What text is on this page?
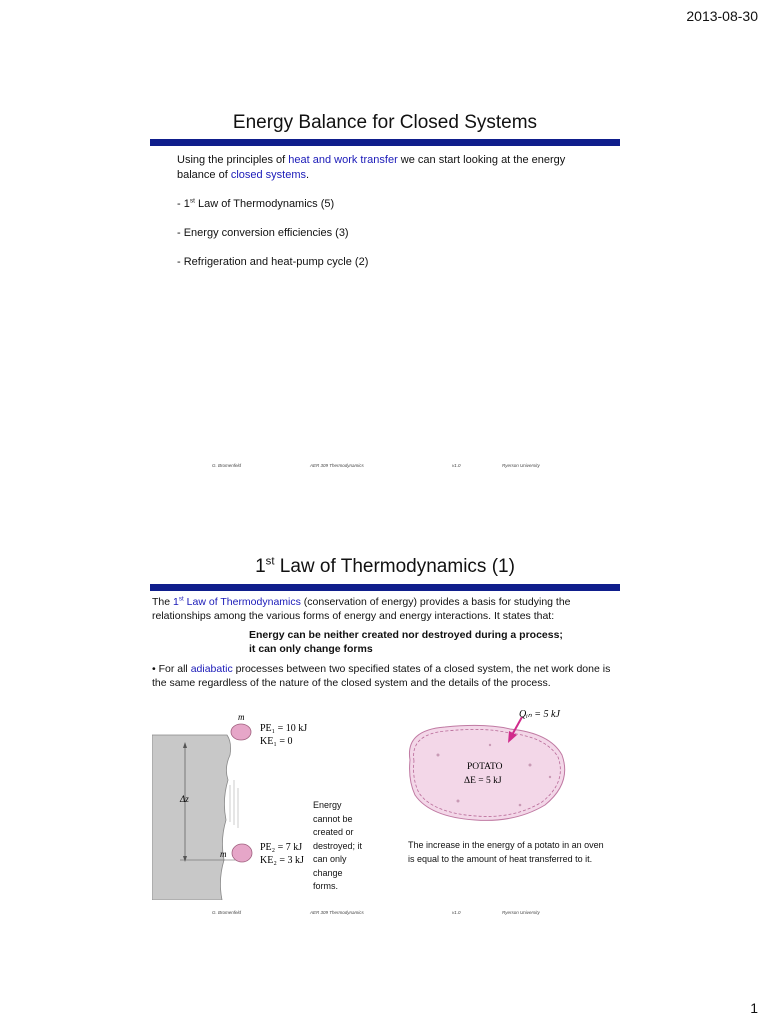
2013-08-30
1
Energy Balance for Closed Systems
Using the principles of heat and work transfer we can start looking at the energy balance of closed systems.
- 1st Law of Thermodynamics (5)
- Energy conversion efficiencies (3)
- Refrigeration and heat-pump cycle (2)
G. Bromenfeld	AER 309 Thermodynamics	v1.0	Ryerson University
1st Law of Thermodynamics (1)
The 1st Law of Thermodynamics (conservation of energy) provides a basis for studying the relationships among the various forms of energy and energy interactions. It states that:
Energy can be neither created nor destroyed during a process;
it can only change forms
• For all adiabatic processes between two specified states of a closed system, the net work done is the same regardless of the nature of the closed system and the details of the process.
m
PE₁ = 10 kJ
KE₁ = 0
Δz
m
PE₂ = 7 kJ
KE₂ = 3 kJ
Energy
cannot be
created or
destroyed; it
can only
change
forms.
Qᵢₙ = 5 kJ
POTATO
ΔE = 5 kJ
The increase in the energy of a potato in an oven is equal to the amount of heat transferred to it.
G. Bromenfeld	AER 309 Thermodynamics	v1.0	Ryerson University
